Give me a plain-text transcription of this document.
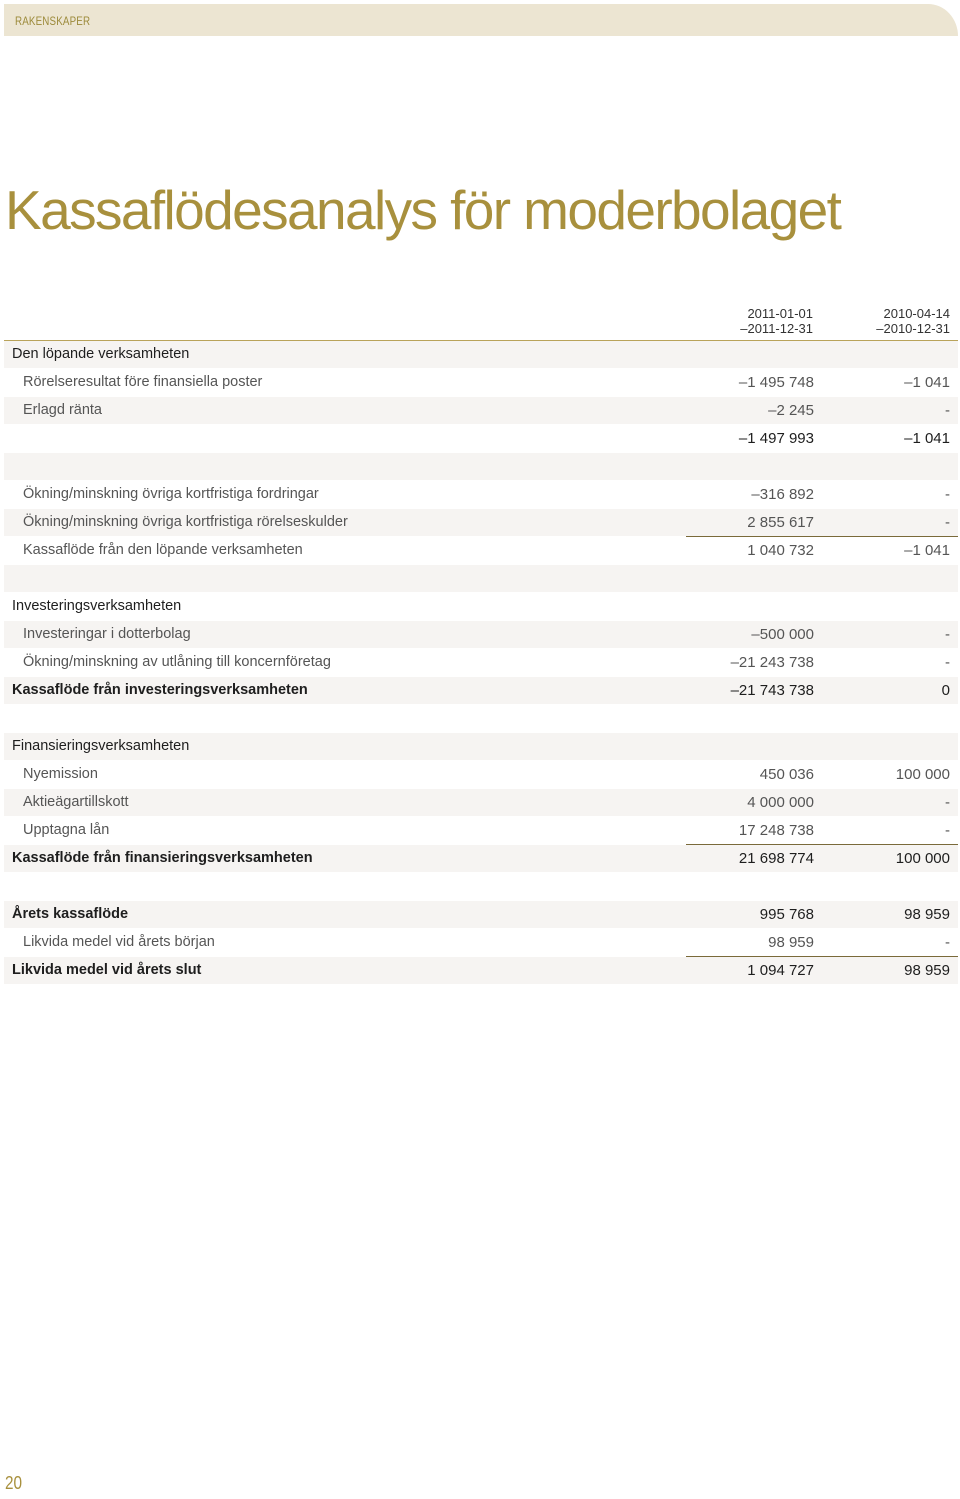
RÄKENSKAPER
Kassaflödesanalys för moderbolaget
2011-01-01
–2011-12-31
2010-04-14
–2010-12-31
Den löpande verksamheten
Rörelseresultat före finansiella poster	–1 495 748	–1 041
Erlagd ränta	–2 245	-
–1 497 993	–1 041
Ökning/minskning övriga kortfristiga fordringar	–316 892	-
Ökning/minskning övriga kortfristiga rörelseskulder	2 855 617	-
Kassaflöde från den löpande verksamheten	1 040 732	–1 041
Investeringsverksamheten
Investeringar i dotterbolag	–500 000	-
Ökning/minskning av utlåning till koncernföretag	–21 243 738	-
Kassaflöde från investeringsverksamheten	–21 743 738	0
Finansieringsverksamheten
Nyemission	450 036	100 000
Aktieägartillskott	4 000 000	-
Upptagna lån	17 248 738	-
Kassaflöde från finansieringsverksamheten	21 698 774	100 000
Årets kassaflöde	995 768	98 959
Likvida medel vid årets början	98 959	-
Likvida medel vid årets slut	1 094 727	98 959
20
